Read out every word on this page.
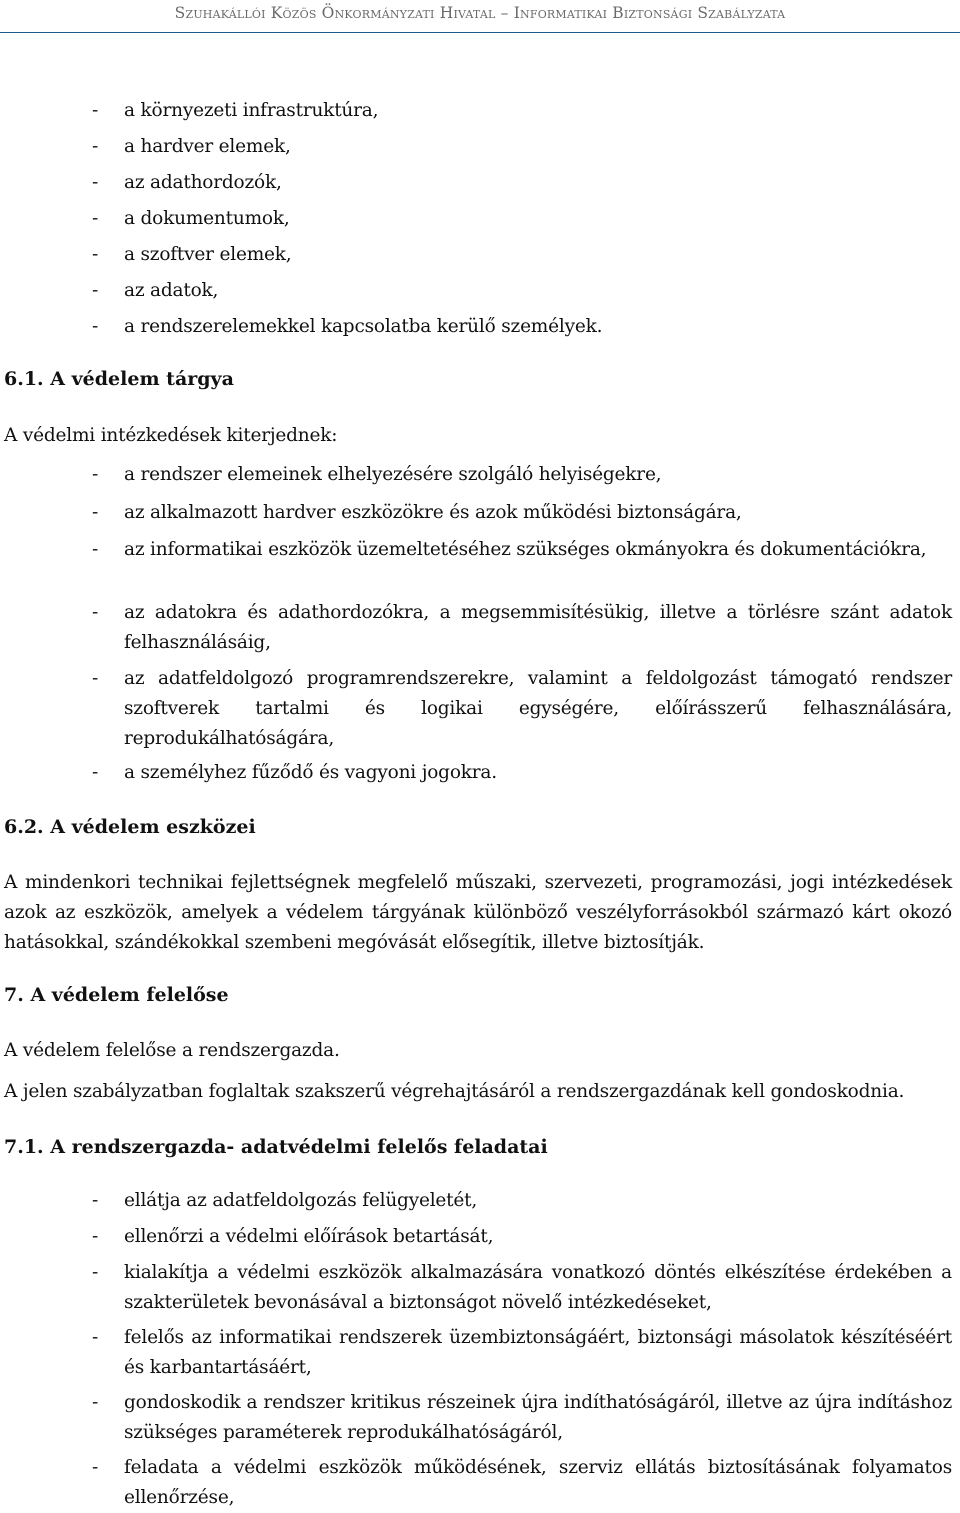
Szuhakállói Közös Önkormányzati Hivatal – Informatikai Biztonsági Szabályzata
- a környezeti infrastruktúra,
- a hardver elemek,
- az adathordozók,
- a dokumentumok,
- a szoftver elemek,
- az adatok,
- a rendszerelemekkel kapcsolatba kerülő személyek.
6.1. A védelem tárgya
A védelmi intézkedések kiterjednek:
- a rendszer elemeinek elhelyezésére szolgáló helyiségekre,
- az alkalmazott hardver eszközökre és azok működési biztonságára,
- az informatikai eszközök üzemeltetéséhez szükséges okmányokra és dokumentációkra,
- az adatokra és adathordozókra, a megsemmisítésükig, illetve a törlésre szánt adatok felhasználásáig,
- az adatfeldolgozó programrendszerekre, valamint a feldolgozást támogató rendszer szoftverek tartalmi és logikai egységére, előírásszerű felhasználására, reprodukálhatóságára,
- a személyhez fűződő és vagyoni jogokra.
6.2. A védelem eszközei
A mindenkori technikai fejlettségnek megfelelő műszaki, szervezeti, programozási, jogi intézkedések azok az eszközök, amelyek a védelem tárgyának különböző veszélyforrásokból származó kárt okozó hatásokkal, szándékokkal szembeni megóvását elősegítik, illetve biztosítják.
7. A védelem felelőse
A védelem felelőse a rendszergazda.
A jelen szabályzatban foglaltak szakszerű végrehajtásáról a rendszergazdának kell gondoskodnia.
7.1. A rendszergazda- adatvédelmi felelős feladatai
- ellátja az adatfeldolgozás felügyeletét,
- ellenőrzi a védelmi előírások betartását,
- kialakítja a védelmi eszközök alkalmazására vonatkozó döntés elkészítése érdekében a szakterületek bevonásával a biztonságot növelő intézkedéseket,
- felelős az informatikai rendszerek üzembiztonságáért, biztonsági másolatok készítéséért és karbantartásáért,
- gondoskodik a rendszer kritikus részeinek újra indíthatóságáról, illetve az újra indításhoz szükséges paraméterek reprodukálhatóságáról,
- feladata a védelmi eszközök működésének, szerviz ellátás biztosításának folyamatos ellenőrzése,
